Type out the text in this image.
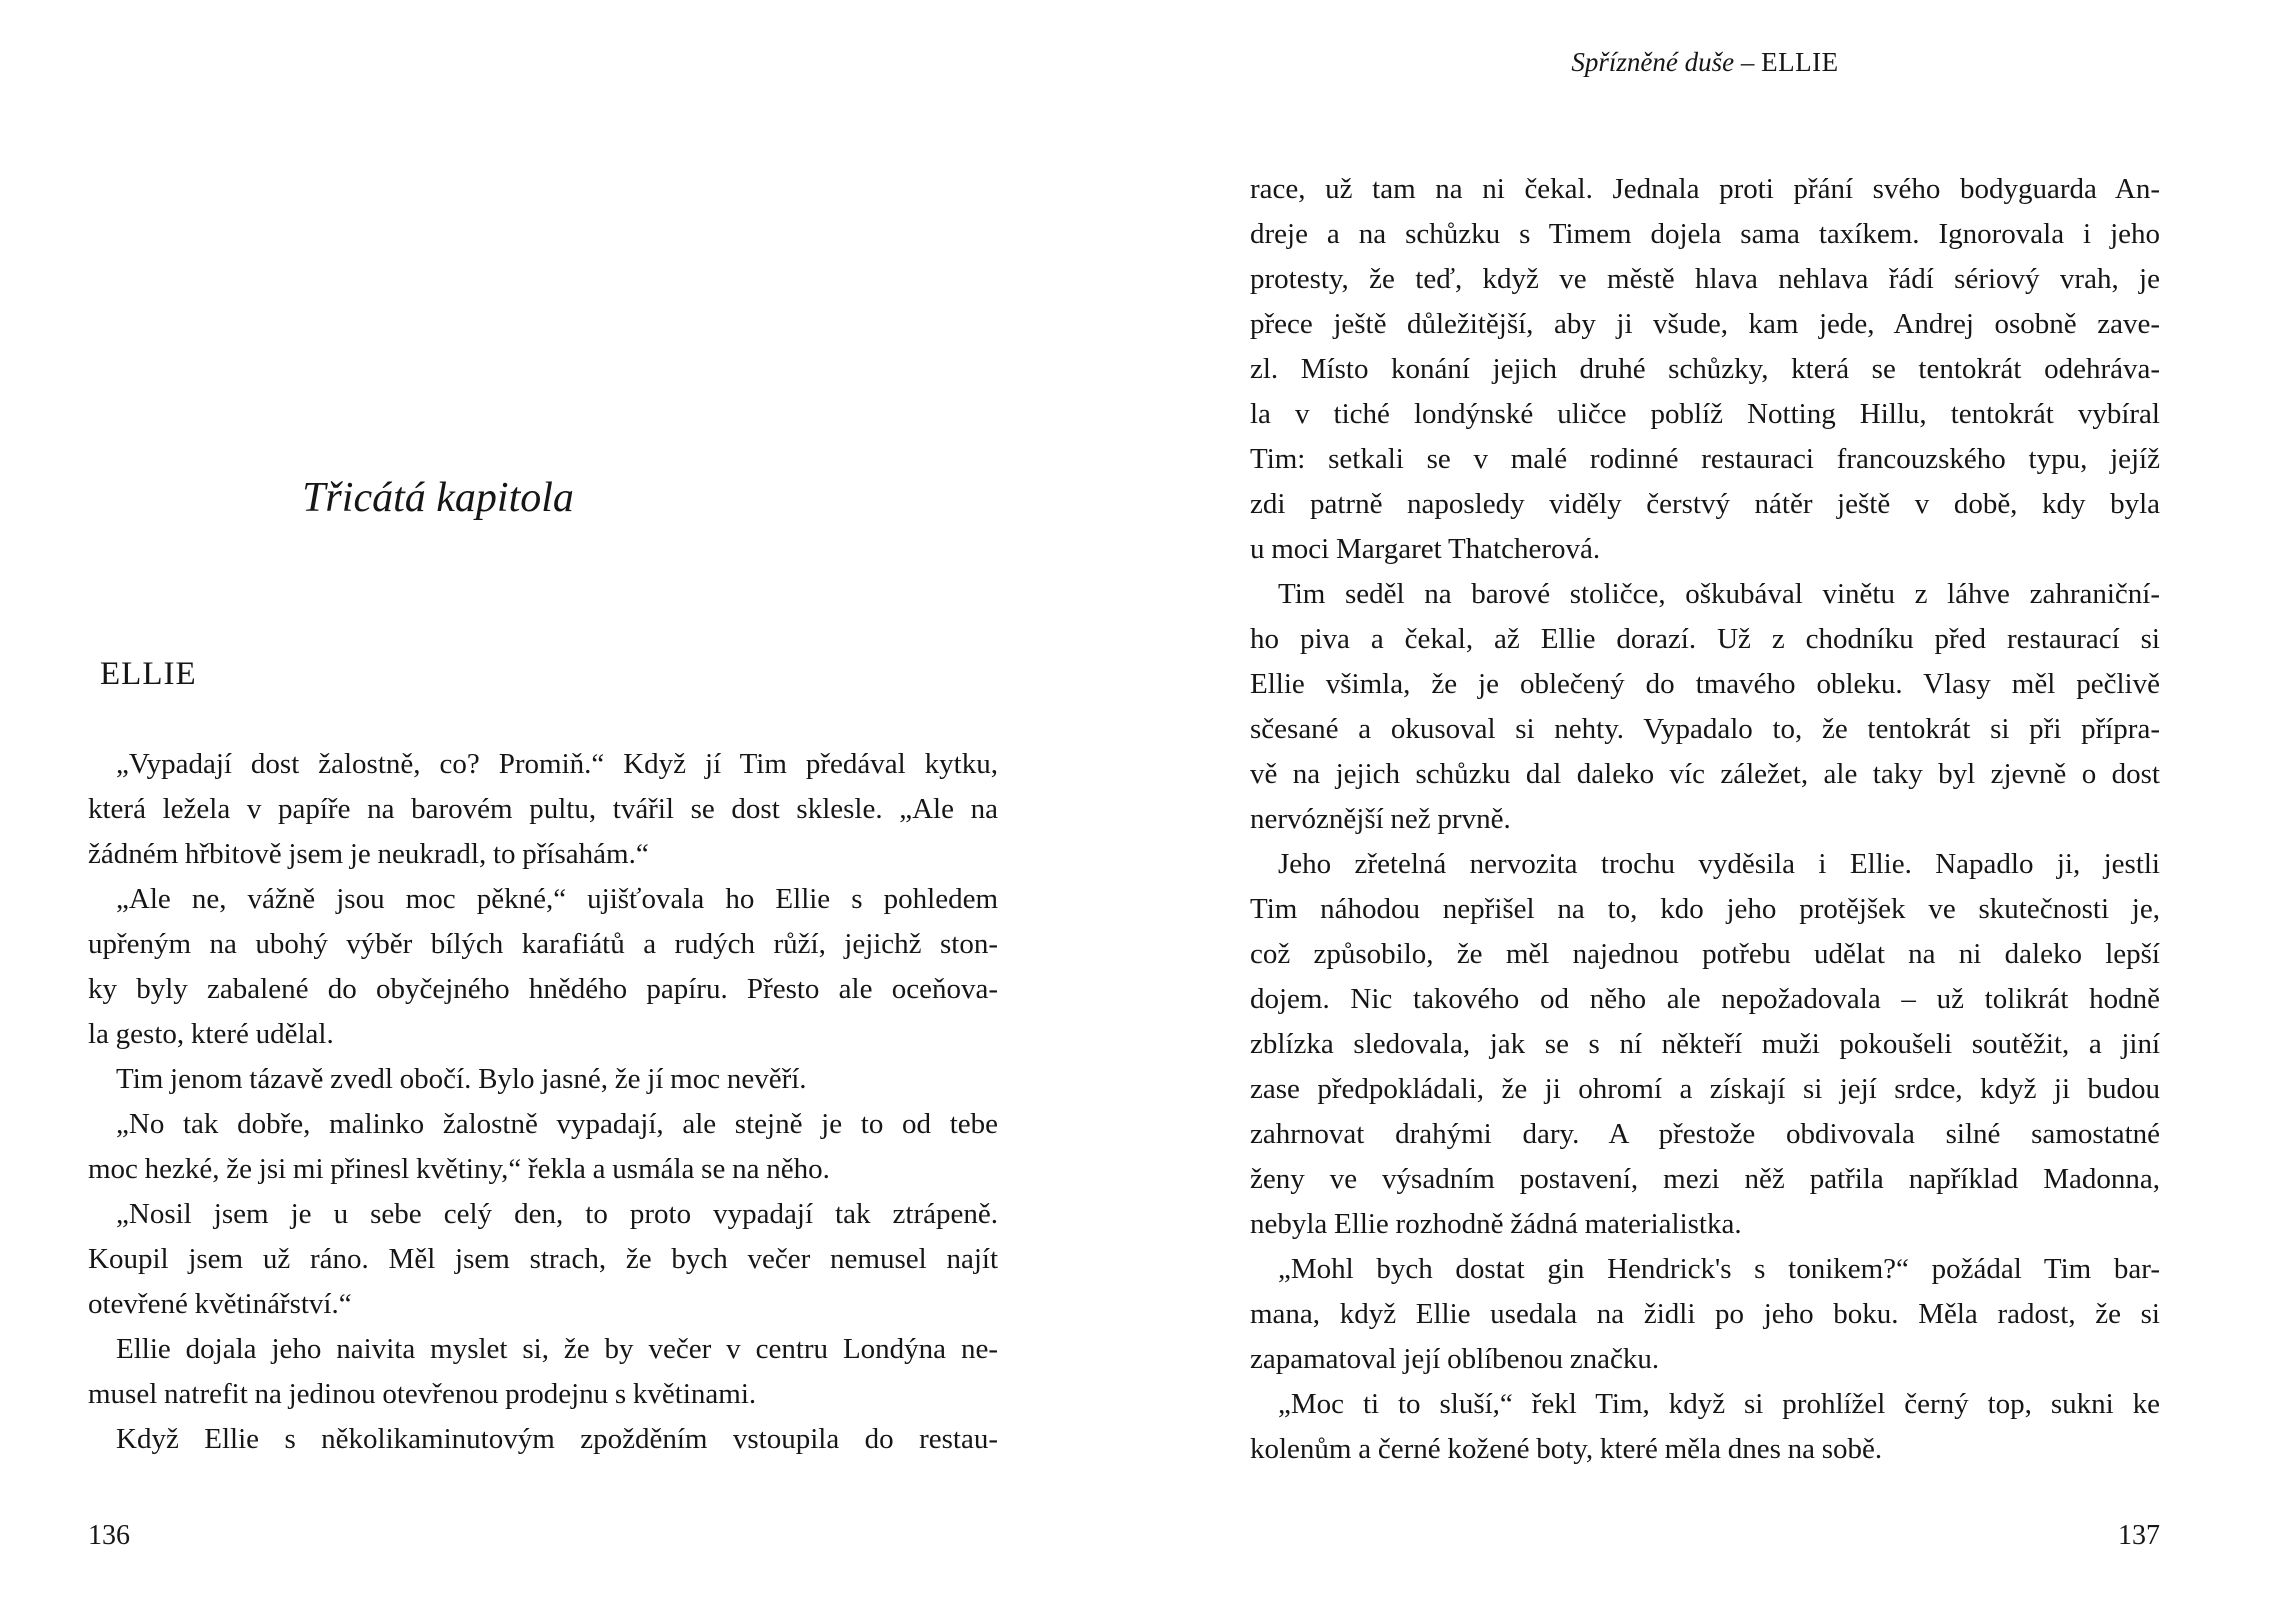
Třicátá kapitola
ELLIE
„Vypadají dost žalostně, co? Promiň.“ Když jí Tim předával kytku,
která ležela v papíře na barovém pultu, tvářil se dost sklesle. „Ale na
žádném hřbitově jsem je neukradl, to přísahám.“
„Ale ne, vážně jsou moc pěkné,“ ujišťovala ho Ellie s pohledem
upřeným na ubohý výběr bílých karafiátů a rudých růží, jejichž ston-
ky byly zabalené do obyčejného hnědého papíru. Přesto ale oceňova-
la gesto, které udělal.
Tim jenom tázavě zvedl obočí. Bylo jasné, že jí moc nevěří.
„No tak dobře, malinko žalostně vypadají, ale stejně je to od tebe
moc hezké, že jsi mi přinesl květiny,“ řekla a usmála se na něho.
„Nosil jsem je u sebe celý den, to proto vypadají tak ztrápeně.
Koupil jsem už ráno. Měl jsem strach, že bych večer nemusel najít
otevřené květinářství.“
Ellie dojala jeho naivita myslet si, že by večer v centru Londýna ne-
musel natrefit na jedinou otevřenou prodejnu s květinami.
Když Ellie s několikaminutovým zpožděním vstoupila do restau-
136
Spřízněné duše – ELLIE
race, už tam na ni čekal. Jednala proti přání svého bodyguarda An-
dreje a na schůzku s Timem dojela sama taxíkem. Ignorovala i jeho
protesty, že teď, když ve městě hlava nehlava řádí sériový vrah, je
přece ještě důležitější, aby ji všude, kam jede, Andrej osobně zave-
zl. Místo konání jejich druhé schůzky, která se tentokrát odehráva-
la v tiché londýnské uličce poblíž Notting Hillu, tentokrát vybíral
Tim: setkali se v malé rodinné restauraci francouzského typu, jejíž
zdi patrně naposledy viděly čerstvý nátěr ještě v době, kdy byla
u moci Margaret Thatcherová.
Tim seděl na barové stoličce, oškubával vinětu z láhve zahraniční-
ho piva a čekal, až Ellie dorazí. Už z chodníku před restaurací si
Ellie všimla, že je oblečený do tmavého obleku. Vlasy měl pečlivě
sčesané a okusoval si nehty. Vypadalo to, že tentokrát si při přípra-
vě na jejich schůzku dal daleko víc záležet, ale taky byl zjevně o dost
nervóznější než prvně.
Jeho zřetelná nervozita trochu vyděsila i Ellie. Napadlo ji, jestli
Tim náhodou nepřišel na to, kdo jeho protějšek ve skutečnosti je,
což způsobilo, že měl najednou potřebu udělat na ni daleko lepší
dojem. Nic takového od něho ale nepožadovala – už tolikrát hodně
zblízka sledovala, jak se s ní někteří muži pokoušeli soutěžit, a jiní
zase předpokládali, že ji ohromí a získají si její srdce, když ji budou
zahrnovat drahými dary. A přestože obdivovala silné samostatné
ženy ve výsadním postavení, mezi něž patřila například Madonna,
nebyla Ellie rozhodně žádná materialistka.
„Mohl bych dostat gin Hendrick's s tonikem?“ požádal Tim bar-
mana, když Ellie usedala na židli po jeho boku. Měla radost, že si
zapamatoval její oblíbenou značku.
„Moc ti to sluší,“ řekl Tim, když si prohlížel černý top, sukni ke
kolenům a černé kožené boty, které měla dnes na sobě.
137
